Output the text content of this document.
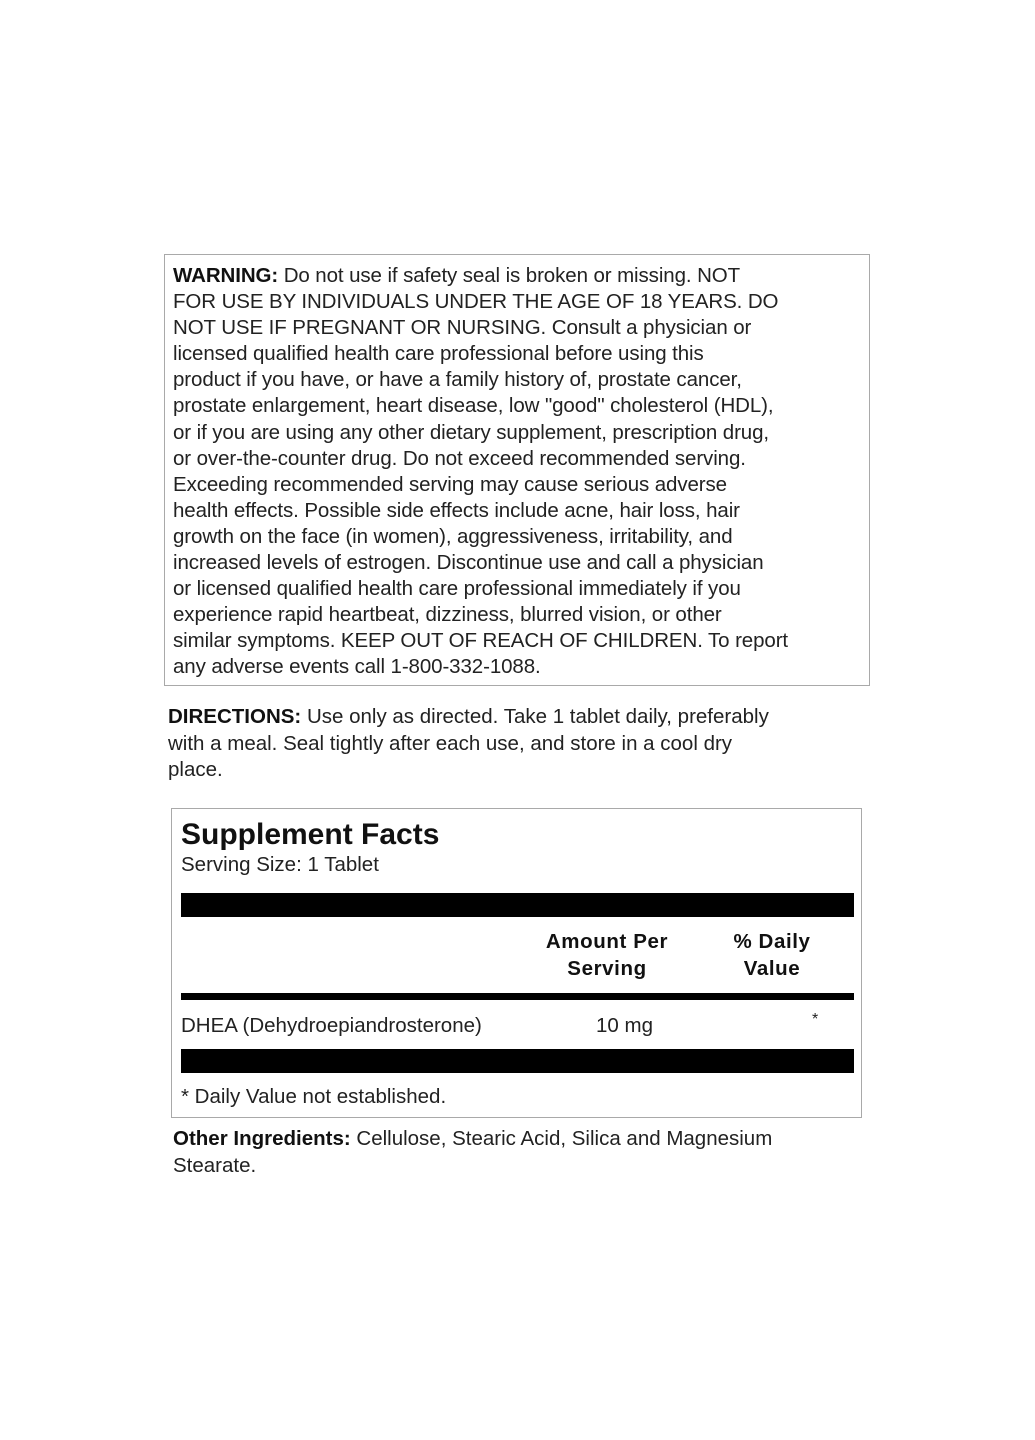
WARNING: Do not use if safety seal is broken or missing. NOT
FOR USE BY INDIVIDUALS UNDER THE AGE OF 18 YEARS. DO
NOT USE IF PREGNANT OR NURSING. Consult a physician or
licensed qualified health care professional before using this
product if you have, or have a family history of, prostate cancer,
prostate enlargement, heart disease, low "good" cholesterol (HDL),
or if you are using any other dietary supplement, prescription drug,
or over-the-counter drug. Do not exceed recommended serving.
Exceeding recommended serving may cause serious adverse
health effects. Possible side effects include acne, hair loss, hair
growth on the face (in women), aggressiveness, irritability, and
increased levels of estrogen. Discontinue use and call a physician
or licensed qualified health care professional immediately if you
experience rapid heartbeat, dizziness, blurred vision, or other
similar symptoms. KEEP OUT OF REACH OF CHILDREN. To report
any adverse events call 1-800-332-1088.
DIRECTIONS: Use only as directed. Take 1 tablet daily, preferably
with a meal. Seal tightly after each use, and store in a cool dry
place.
Supplement Facts
Serving Size: 1 Tablet
Amount Per
Serving
% Daily
Value
DHEA (Dehydroepiandrosterone)	10 mg	*
* Daily Value not established.
Other Ingredients: Cellulose, Stearic Acid, Silica and Magnesium
Stearate.
